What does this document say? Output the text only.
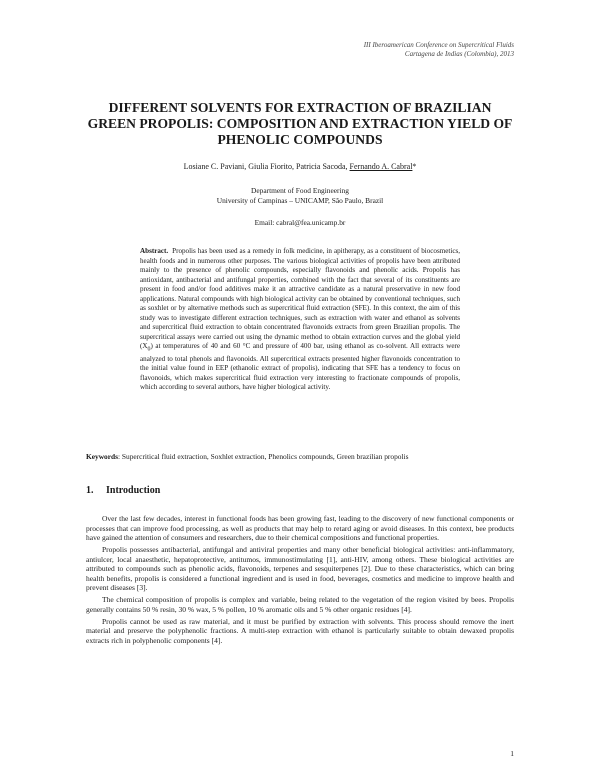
III Iberoamerican Conference on Supercritical Fluids
Cartagena de Indias (Colombia), 2013
DIFFERENT SOLVENTS FOR EXTRACTION OF BRAZILIAN
GREEN PROPOLIS: COMPOSITION AND EXTRACTION YIELD OF
PHENOLIC COMPOUNDS
Losiane C. Paviani, Giulia Fiorito, Patricia Sacoda, Fernando A. Cabral*
Department of Food Engineering
University of Campinas – UNICAMP, São Paulo, Brazil
Email: cabral@fea.unicamp.br

Abstract. Propolis has been used as a remedy in folk medicine, in apitherapy, as a constituent of biocosmetics, health foods and in numerous other purposes. The various biological activities of propolis have been attributed mainly to the presence of phenolic compounds, especially flavonoids and phenolic acids. Propolis has antioxidant, antibacterial and antifungal properties, combined with the fact that several of its constituents are present in food and/or food additives make it an attractive candidate as a natural preservative in new food applications. Natural compounds with high biological activity can be obtained by conventional techniques, such as soxhlet or by alternative methods such as supercritical fluid extraction (SFE). In this context, the aim of this study was to investigate different extraction techniques, such as extraction with water and ethanol as solvents and supercritical fluid extraction to obtain concentrated flavonoids extracts from green Brazilian propolis. The supercritical assays were carried out using the dynamic method to obtain extraction curves and the global yield $(X_0)$ at temperatures of 40 and 60 °C and pressure of 400 bar, using ethanol as co-solvent. All extracts were analyzed to total phenols and flavonoids. All supercritical extracts presented higher flavonoids concentration to the initial value found in EEP (ethanolic extract of propolis), indicating that SFE has a tendency to focus on flavonoids, which makes supercritical fluid extraction very interesting to fractionate compounds of propolis, which according to several authors, have higher biological activity.

Keywords: Supercritical fluid extraction, Soxhlet extraction, Phenolics compounds, Green brazilian propolis
1. Introduction

Over the last few decades, interest in functional foods has been growing fast, leading to the discovery of new functional components or processes that can improve food processing, as well as products that may help to retard aging or avoid diseases. In this context, bee products have gained the attention of consumers and researchers, due to their chemical compositions and functional properties.

Propolis possesses antibacterial, antifungal and antiviral properties and many other beneficial biological activities: anti-inflammatory, antiulcer, local anaesthetic, hepatoprotective, antitumos, immunostimulating [1], anti-HIV, among others. These biological activities are attributed to compounds such as phenolic acids, flavonoids, terpenes and sesquiterpenes [2]. Due to these characteristics, which can bring health benefits, propolis is considered a functional ingredient and is used in food, beverages, cosmetics and medicine to improve health and prevent diseases [3].

The chemical composition of propolis is complex and variable, being related to the vegetation of the region visited by bees. Propolis generally contains 50 % resin, 30 % wax, 5 % pollen, 10 % aromatic oils and 5 % other organic residues [4].

Propolis cannot be used as raw material, and it must be purified by extraction with solvents. This process should remove the inert material and preserve the polyphenolic fractions. A multi-step extraction with ethanol is particularly suitable to obtain dewaxed propolis extracts rich in polyphenolic components [4].

1
